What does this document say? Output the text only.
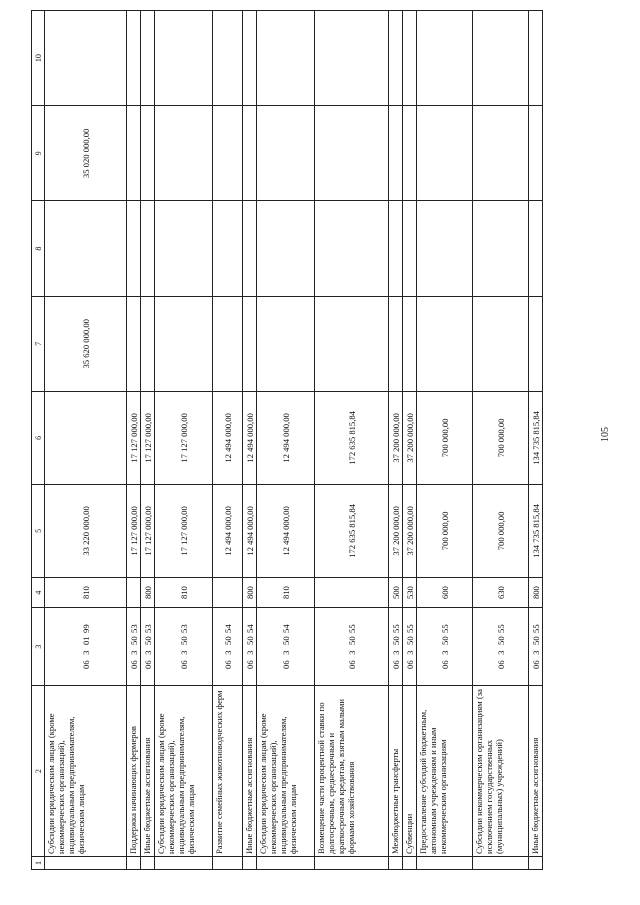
105
1	2	3	4	5	6	7	8	9	10
	Субсидии юридическим лицам (кроме некоммерческих организаций), индивидуальным предпринимателям, физическим лицам	0630199	810	33 220 000,00		35 620 000,00		35 020 000,00	
	Поддержка начинающих фермеров	0635053		17 127 000,00	17 127 000,00				
	Иные бюджетные ассигнования	0635053	800	17 127 000,00	17 127 000,00				
	Субсидии юридическим лицам (кроме некоммерческих организаций), индивидуальным предпринимателям, физическим лицам	0635053	810	17 127 000,00	17 127 000,00				
	Развитие семейных животноводческих ферм	0635054		12 494 000,00	12 494 000,00				
	Иные бюджетные ассигнования	0635054	800	12 494 000,00	12 494 000,00				
	Субсидии юридическим лицам (кроме некоммерческих организаций), индивидуальным предпринимателям, физическим лицам	0635054	810	12 494 000,00	12 494 000,00				
	Возмещение части процентной ставки по долгосрочным, среднесрочным и краткосрочным кредитам, взятым малыми формами хозяйствования	0635055		172 635 815,84	172 635 815,84				
	Межбюджетные трансферты	0635055	500	37 200 000,00	37 200 000,00				
	Субвенции	0635055	530	37 200 000,00	37 200 000,00				
	Предоставление субсидий бюджетным, автономным учреждениям и иным некоммерческим организациям	0635055	600	700 000,00	700 000,00				
	Субсидии некоммерческим организациям (за исключением государственных (муниципальных) учреждений)	0635055	630	700 000,00	700 000,00				
	Иные бюджетные ассигнования	0635055	800	134 735 815,84	134 735 815,84				
